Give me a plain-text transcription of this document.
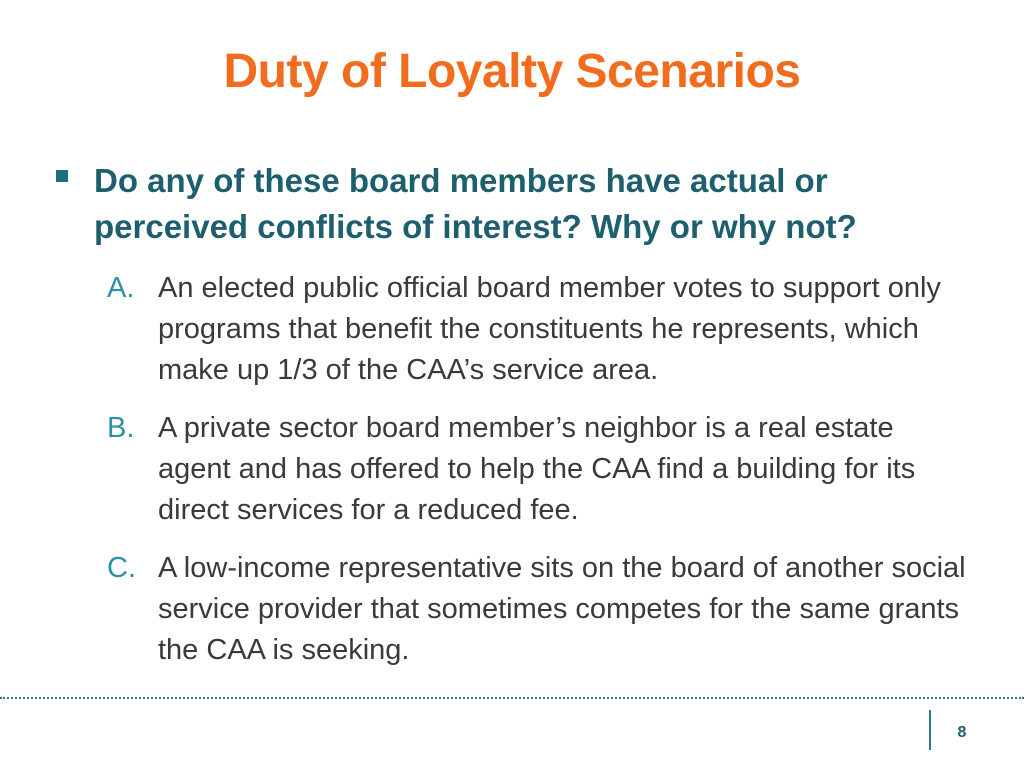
Duty of Loyalty Scenarios
Do any of these board members have actual or perceived conflicts of interest? Why or why not?
A. An elected public official board member votes to support only programs that benefit the constituents he represents, which make up 1/3 of the CAA’s service area.
B. A private sector board member’s neighbor is a real estate agent and has offered to help the CAA find a building for its direct services for a reduced fee.
C. A low-income representative sits on the board of another social service provider that sometimes competes for the same grants the CAA is seeking.
8
